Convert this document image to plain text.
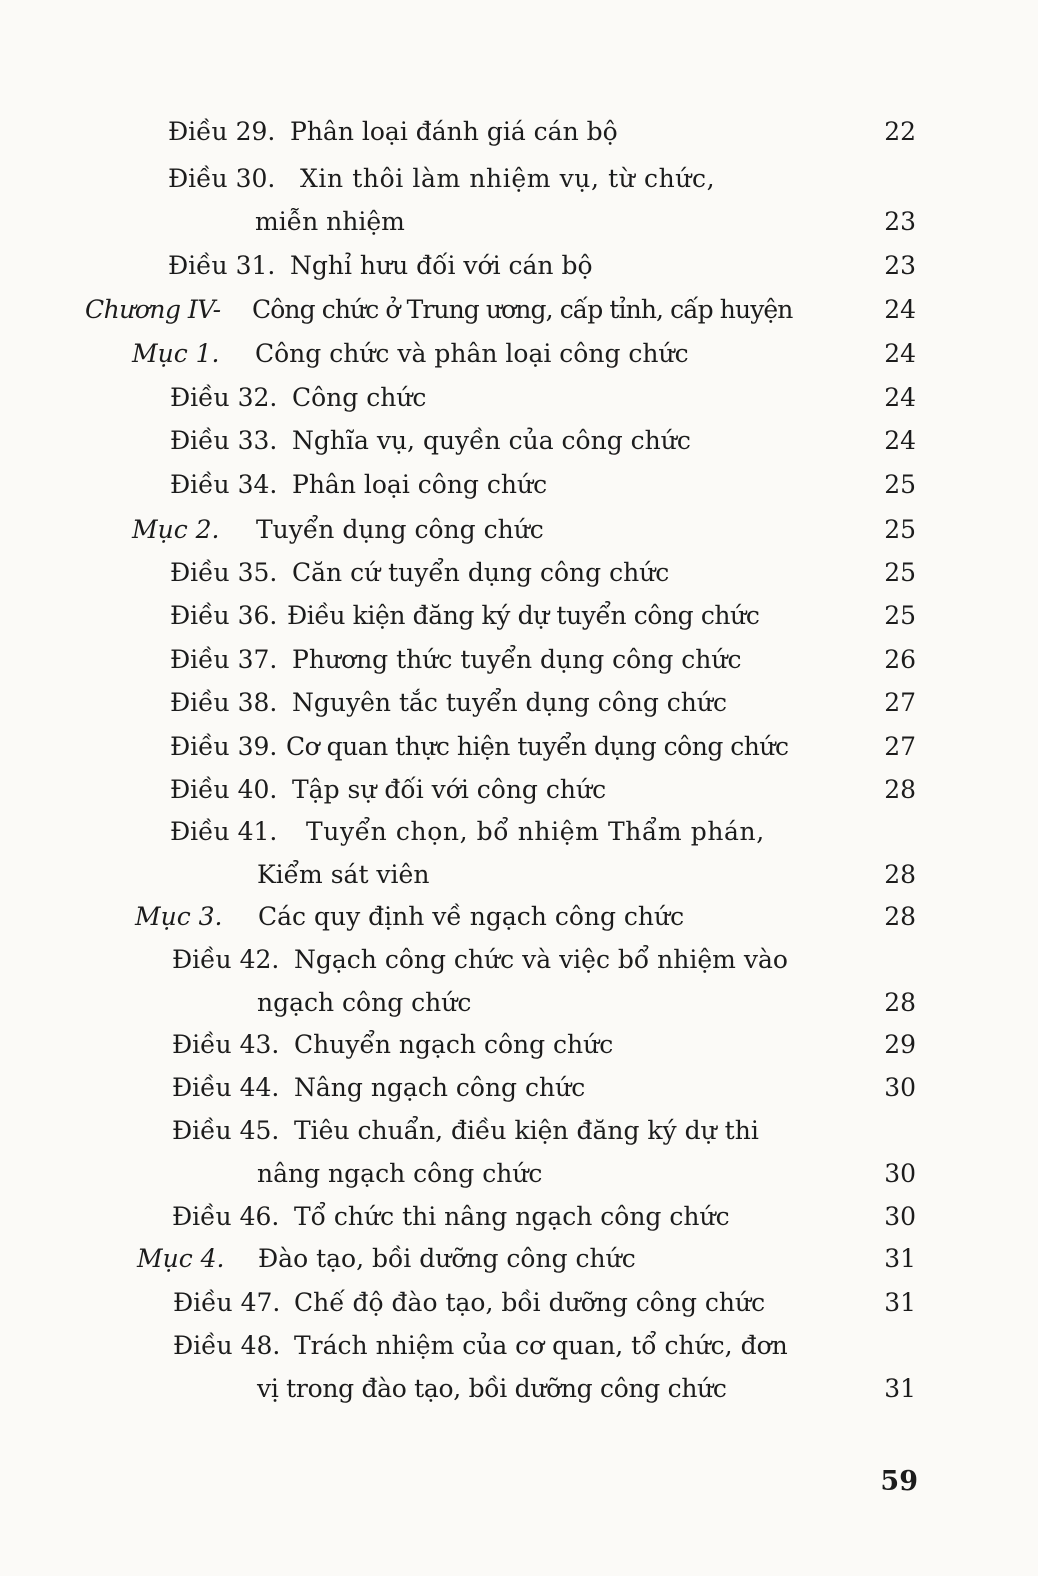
Điều 29. Phân loại đánh giá cán bộ	22
Điều 30. Xin thôi làm nhiệm vụ, từ chức,
miễn nhiệm	23
Điều 31. Nghỉ hưu đối với cán bộ	23
Chương IV- Công chức ở Trung ương, cấp tỉnh, cấp huyện	24
Mục 1. Công chức và phân loại công chức	24
Điều 32. Công chức	24
Điều 33. Nghĩa vụ, quyền của công chức	24
Điều 34. Phân loại công chức	25
Mục 2. Tuyển dụng công chức	25
Điều 35. Căn cứ tuyển dụng công chức	25
Điều 36. Điều kiện đăng ký dự tuyển công chức	25
Điều 37. Phương thức tuyển dụng công chức	26
Điều 38. Nguyên tắc tuyển dụng công chức	27
Điều 39. Cơ quan thực hiện tuyển dụng công chức	27
Điều 40. Tập sự đối với công chức	28
Điều 41. Tuyển chọn, bổ nhiệm Thẩm phán,
Kiểm sát viên	28
Mục 3. Các quy định về ngạch công chức	28
Điều 42. Ngạch công chức và việc bổ nhiệm vào
ngạch công chức	28
Điều 43. Chuyển ngạch công chức	29
Điều 44. Nâng ngạch công chức	30
Điều 45. Tiêu chuẩn, điều kiện đăng ký dự thi
nâng ngạch công chức	30
Điều 46. Tổ chức thi nâng ngạch công chức	30
Mục 4. Đào tạo, bồi dưỡng công chức	31
Điều 47. Chế độ đào tạo, bồi dưỡng công chức	31
Điều 48. Trách nhiệm của cơ quan, tổ chức, đơn
vị trong đào tạo, bồi dưỡng công chức	31
59
